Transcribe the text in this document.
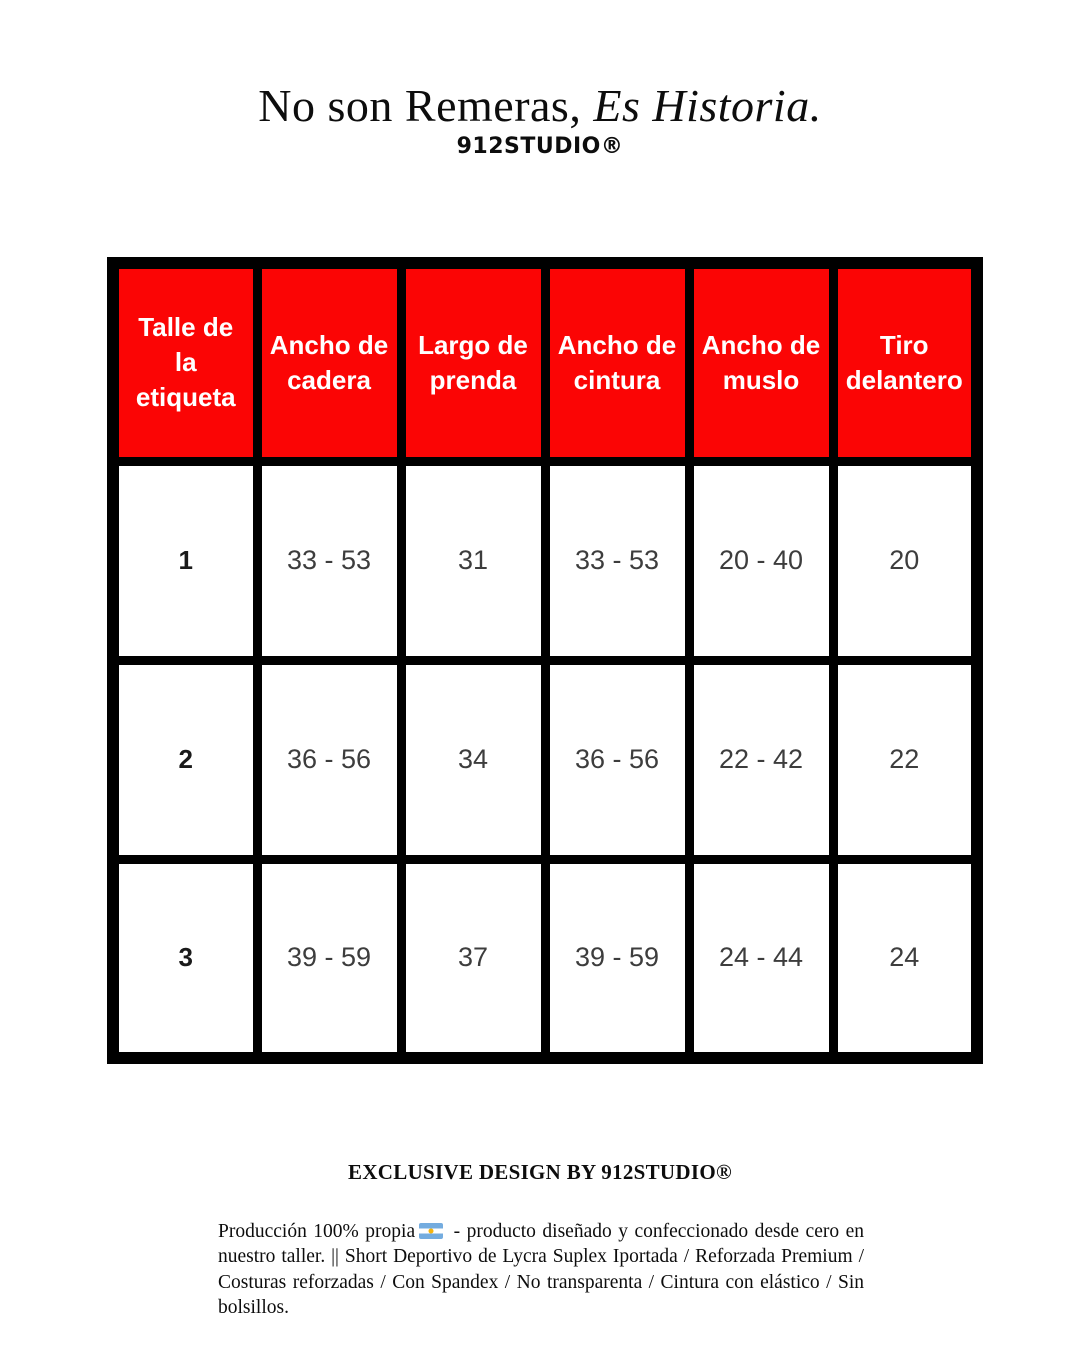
No son Remeras, Es Historia.
912STUDIO®
Talle de la etiqueta	Ancho de cadera	Largo de prenda	Ancho de cintura	Ancho de muslo	Tiro delantero
1	33 - 53	31	33 - 53	20 - 40	20
2	36 - 56	34	36 - 56	22 - 42	22
3	39 - 59	37	39 - 59	24 - 44	24
EXCLUSIVE DESIGN BY 912STUDIO®

Producción 100% propia - producto diseñado y confeccionado desde cero en nuestro taller. || Short Deportivo de Lycra Suplex Iportada / Reforzada Premium / Costuras reforzadas / Con Spandex / No transparenta / Cintura con elástico / Sin bolsillos.
